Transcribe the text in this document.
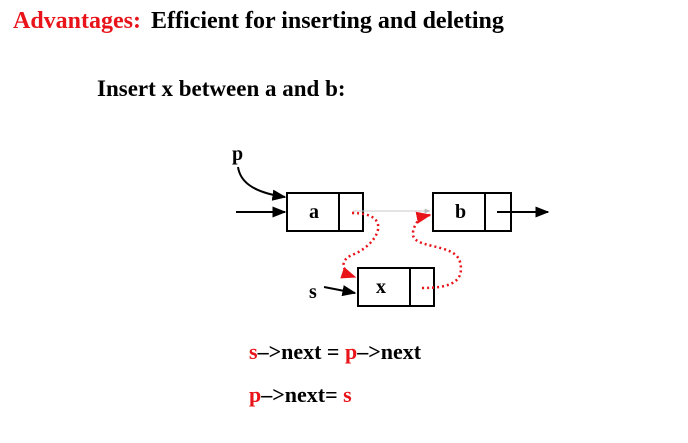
Advantages: Efficient for inserting and deleting
Insert x between a and b:
p
a	b
s	x
s–>next = p–>next
p–>next= s
